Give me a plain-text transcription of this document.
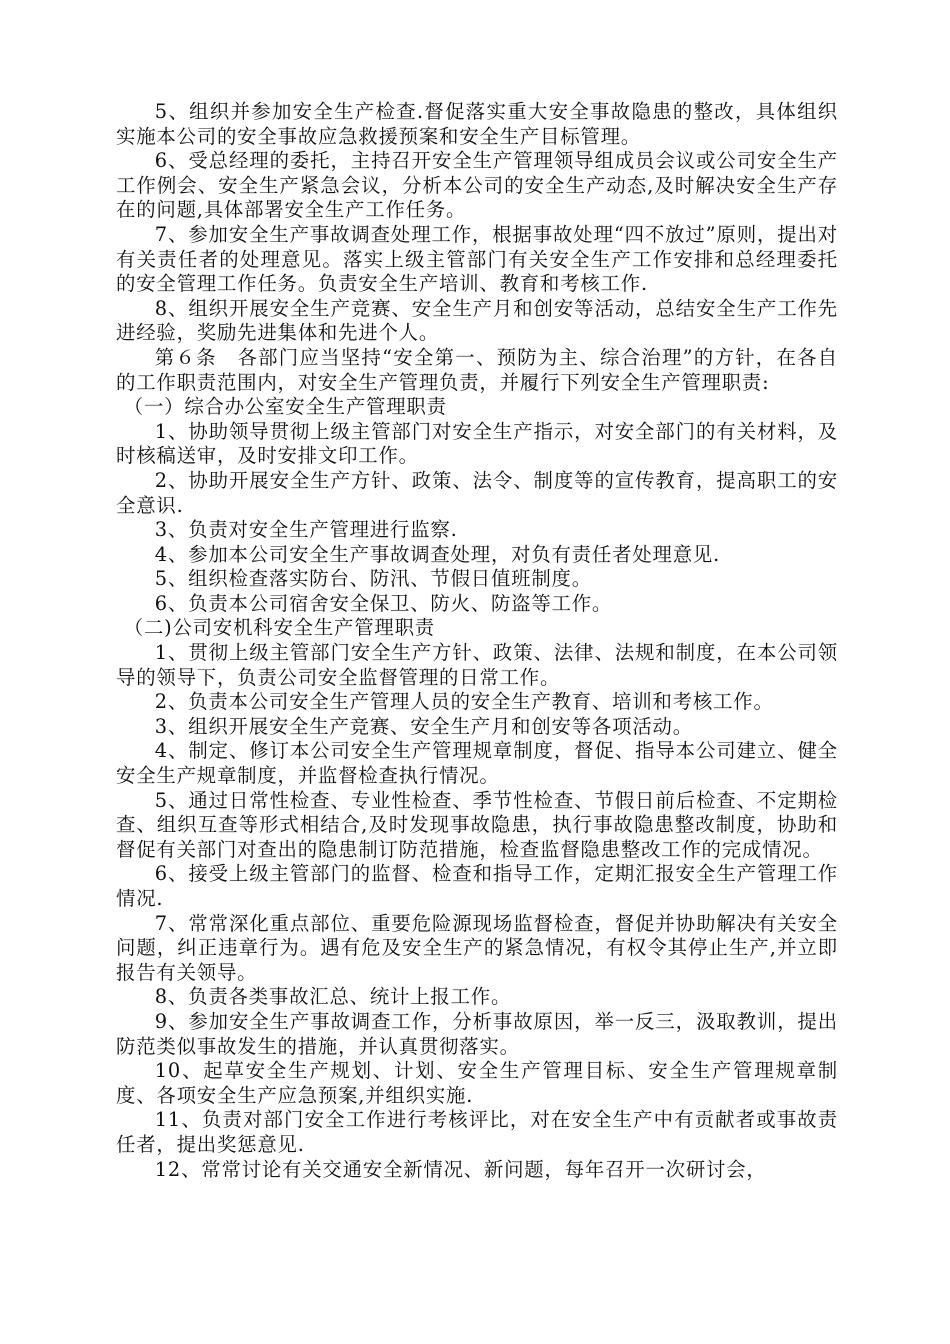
5、组织并参加安全生产检查.督促落实重大安全事故隐患的整改，具体组织实施本公司的安全事故应急救援预案和安全生产目标管理。

6、受总经理的委托，主持召开安全生产管理领导组成员会议或公司安全生产工作例会、安全生产紧急会议，分析本公司的安全生产动态,及时解决安全生产存在的问题,具体部署安全生产工作任务。

7、参加安全生产事故调查处理工作，根据事故处理“四不放过”原则，提出对有关责任者的处理意见。落实上级主管部门有关安全生产工作安排和总经理委托的安全管理工作任务。负责安全生产培训、教育和考核工作.

8、组织开展安全生产竞赛、安全生产月和创安等活动，总结安全生产工作先进经验，奖励先进集体和先进个人。

第６条　各部门应当坚持“安全第一、预防为主、综合治理”的方针，在各自的工作职责范围内，对安全生产管理负责，并履行下列安全生产管理职责:

（一）综合办公室安全生产管理职责

1、协助领导贯彻上级主管部门对安全生产指示，对安全部门的有关材料，及时核稿送审，及时安排文印工作。

2、协助开展安全生产方针、政策、法令、制度等的宣传教育，提高职工的安全意识.

3、负责对安全生产管理进行监察.

4、参加本公司安全生产事故调查处理，对负有责任者处理意见.

5、组织检查落实防台、防汛、节假日值班制度。

6、负责本公司宿舍安全保卫、防火、防盗等工作。

（二)公司安机科安全生产管理职责

1、贯彻上级主管部门安全生产方针、政策、法律、法规和制度，在本公司领导的领导下，负责公司安全监督管理的日常工作。

2、负责本公司安全生产管理人员的安全生产教育、培训和考核工作。

3、组织开展安全生产竞赛、安全生产月和创安等各项活动。

4、制定、修订本公司安全生产管理规章制度，督促、指导本公司建立、健全安全生产规章制度，并监督检查执行情况。

5、通过日常性检查、专业性检查、季节性检查、节假日前后检查、不定期检查、组织互查等形式相结合,及时发现事故隐患，执行事故隐患整改制度，协助和督促有关部门对查出的隐患制订防范措施，检查监督隐患整改工作的完成情况。

6、接受上级主管部门的监督、检查和指导工作，定期汇报安全生产管理工作情况.

7、常常深化重点部位、重要危险源现场监督检查，督促并协助解决有关安全问题，纠正违章行为。遇有危及安全生产的紧急情况，有权令其停止生产,并立即报告有关领导。

8、负责各类事故汇总、统计上报工作。

9、参加安全生产事故调查工作，分析事故原因，举一反三，汲取教训，提出防范类似事故发生的措施，并认真贯彻落实。

10、起草安全生产规划、计划、安全生产管理目标、安全生产管理规章制度、各项安全生产应急预案,并组织实施.

11、负责对部门安全工作进行考核评比，对在安全生产中有贡献者或事故责任者，提出奖惩意见.

12、常常讨论有关交通安全新情况、新问题，每年召开一次研讨会，
